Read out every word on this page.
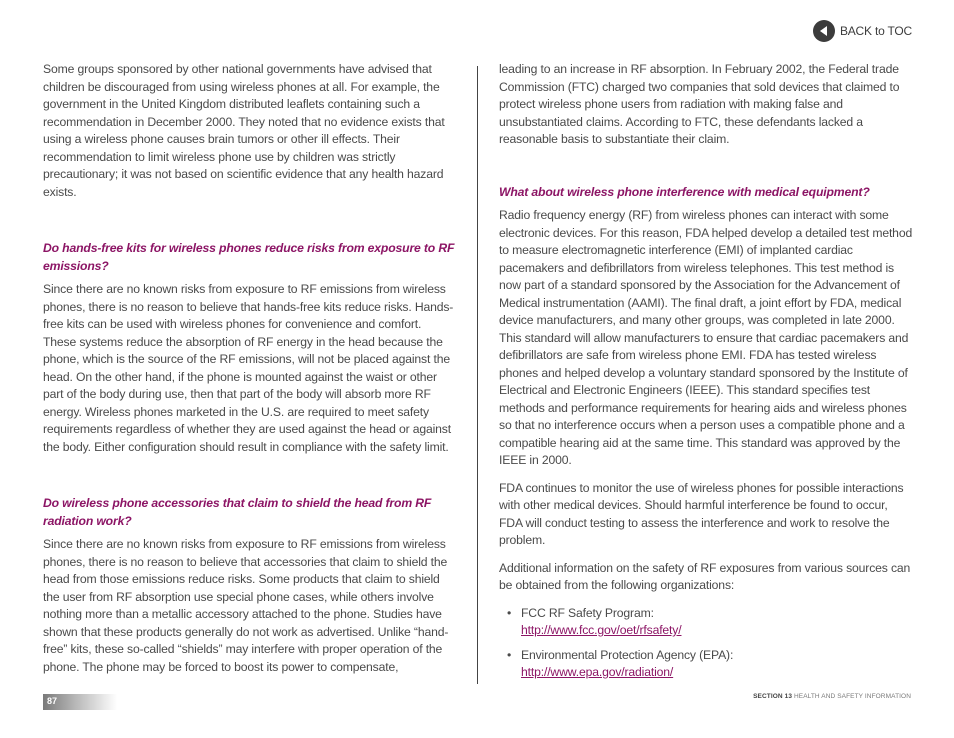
BACK to TOC

Some groups sponsored by other national governments have advised that children be discouraged from using wireless phones at all. For example, the government in the United Kingdom distributed leaflets containing such a recommendation in December 2000. They noted that no evidence exists that using a wireless phone causes brain tumors or other ill effects. Their recommendation to limit wireless phone use by children was strictly precautionary; it was not based on scientific evidence that any health hazard exists.

Do hands-free kits for wireless phones reduce risks from exposure to RF emissions?

Since there are no known risks from exposure to RF emissions from wireless phones, there is no reason to believe that hands-free kits reduce risks. Hands-free kits can be used with wireless phones for convenience and comfort. These systems reduce the absorption of RF energy in the head because the phone, which is the source of the RF emissions, will not be placed against the head. On the other hand, if the phone is mounted against the waist or other part of the body during use, then that part of the body will absorb more RF energy. Wireless phones marketed in the U.S. are required to meet safety requirements regardless of whether they are used against the head or against the body. Either configuration should result in compliance with the safety limit.

Do wireless phone accessories that claim to shield the head from RF radiation work?

Since there are no known risks from exposure to RF emissions from wireless phones, there is no reason to believe that accessories that claim to shield the head from those emissions reduce risks. Some products that claim to shield the user from RF absorption use special phone cases, while others involve nothing more than a metallic accessory attached to the phone. Studies have shown that these products generally do not work as advertised. Unlike “hand-free” kits, these so-called “shields” may interfere with proper operation of the phone. The phone may be forced to boost its power to compensate,

leading to an increase in RF absorption. In February 2002, the Federal trade Commission (FTC) charged two companies that sold devices that claimed to protect wireless phone users from radiation with making false and unsubstantiated claims. According to FTC, these defendants lacked a reasonable basis to substantiate their claim.

What about wireless phone interference with medical equipment?

Radio frequency energy (RF) from wireless phones can interact with some electronic devices. For this reason, FDA helped develop a detailed test method to measure electromagnetic interference (EMI) of implanted cardiac pacemakers and defibrillators from wireless telephones. This test method is now part of a standard sponsored by the Association for the Advancement of Medical instrumentation (AAMI). The final draft, a joint effort by FDA, medical device manufacturers, and many other groups, was completed in late 2000. This standard will allow manufacturers to ensure that cardiac pacemakers and defibrillators are safe from wireless phone EMI. FDA has tested wireless phones and helped develop a voluntary standard sponsored by the Institute of Electrical and Electronic Engineers (IEEE). This standard specifies test methods and performance requirements for hearing aids and wireless phones so that no interference occurs when a person uses a compatible phone and a compatible hearing aid at the same time. This standard was approved by the IEEE in 2000.

FDA continues to monitor the use of wireless phones for possible interactions with other medical devices. Should harmful interference be found to occur, FDA will conduct testing to assess the interference and work to resolve the problem.

Additional information on the safety of RF exposures from various sources can be obtained from the following organizations:

• FCC RF Safety Program:
http://www.fcc.gov/oet/rfsafety/
• Environmental Protection Agency (EPA):
http://www.epa.gov/radiation/
87	SECTION 13 HEALTH AND SAFETY INFORMATION
